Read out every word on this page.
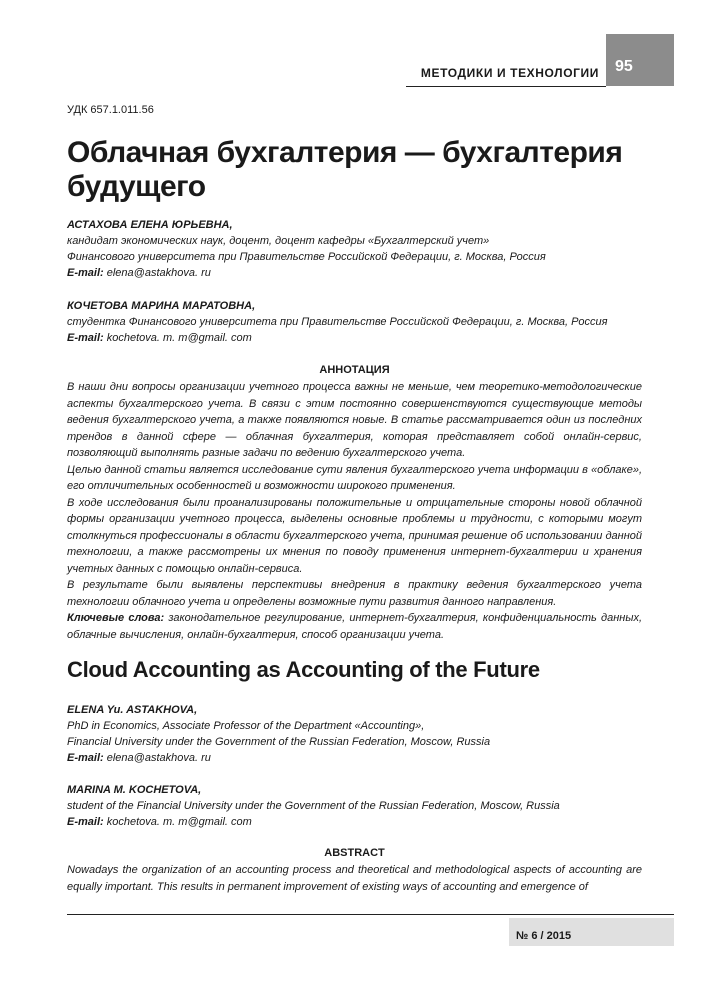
МЕТОДИКИ И ТЕХНОЛОГИИ 95
УДК 657.1.011.56
Облачная бухгалтерия — бухгалтерия будущего
АСТАХОВА ЕЛЕНА ЮРЬЕВНА,
кандидат экономических наук, доцент, доцент кафедры «Бухгалтерский учет»
Финансового университета при Правительстве Российской Федерации, г. Москва, Россия
E-mail: elena@astakhova. ru
КОЧЕТОВА МАРИНА МАРАТОВНА,
студентка Финансового университета при Правительстве Российской Федерации, г. Москва, Россия
E-mail: kochetova. m. m@gmail. com
АННОТАЦИЯ

В наши дни вопросы организации учетного процесса важны не меньше, чем теоретико-методологические аспекты бухгалтерского учета. В связи с этим постоянно совершенствуются существующие методы ведения бухгалтерского учета, а также появляются новые. В статье рассматривается один из последних трендов в данной сфере — облачная бухгалтерия, которая представляет собой онлайн-сервис, позволяющий выполнять разные задачи по ведению бухгалтерского учета.

Целью данной статьи является исследование сути явления бухгалтерского учета информации в «облаке», его отличительных особенностей и возможности широкого применения.

В ходе исследования были проанализированы положительные и отрицательные стороны новой облачной формы организации учетного процесса, выделены основные проблемы и трудности, с которыми могут столкнуться профессионалы в области бухгалтерского учета, принимая решение об использовании данной технологии, а также рассмотрены их мнения по поводу применения интернет-бухгалтерии и хранения учетных данных с помощью онлайн-сервиса.

В результате были выявлены перспективы внедрения в практику ведения бухгалтерского учета технологии облачного учета и определены возможные пути развития данного направления.

Ключевые слова: законодательное регулирование, интернет-бухгалтерия, конфиденциальность данных, облачные вычисления, онлайн-бухгалтерия, способ организации учета.

Cloud Accounting as Accounting of the Future
ELENA Yu. ASTAKHOVA,
PhD in Economics, Associate Professor of the Department «Accounting»,
Financial University under the Government of the Russian Federation, Moscow, Russia
E-mail: elena@astakhova. ru
MARINA M. KOCHETOVA,
student of the Financial University under the Government of the Russian Federation, Moscow, Russia
E-mail: kochetova. m. m@gmail. com
ABSTRACT

Nowadays the organization of an accounting process and theoretical and methodological aspects of accounting are equally important. This results in permanent improvement of existing ways of accounting and emergence of

№ 6 / 2015
